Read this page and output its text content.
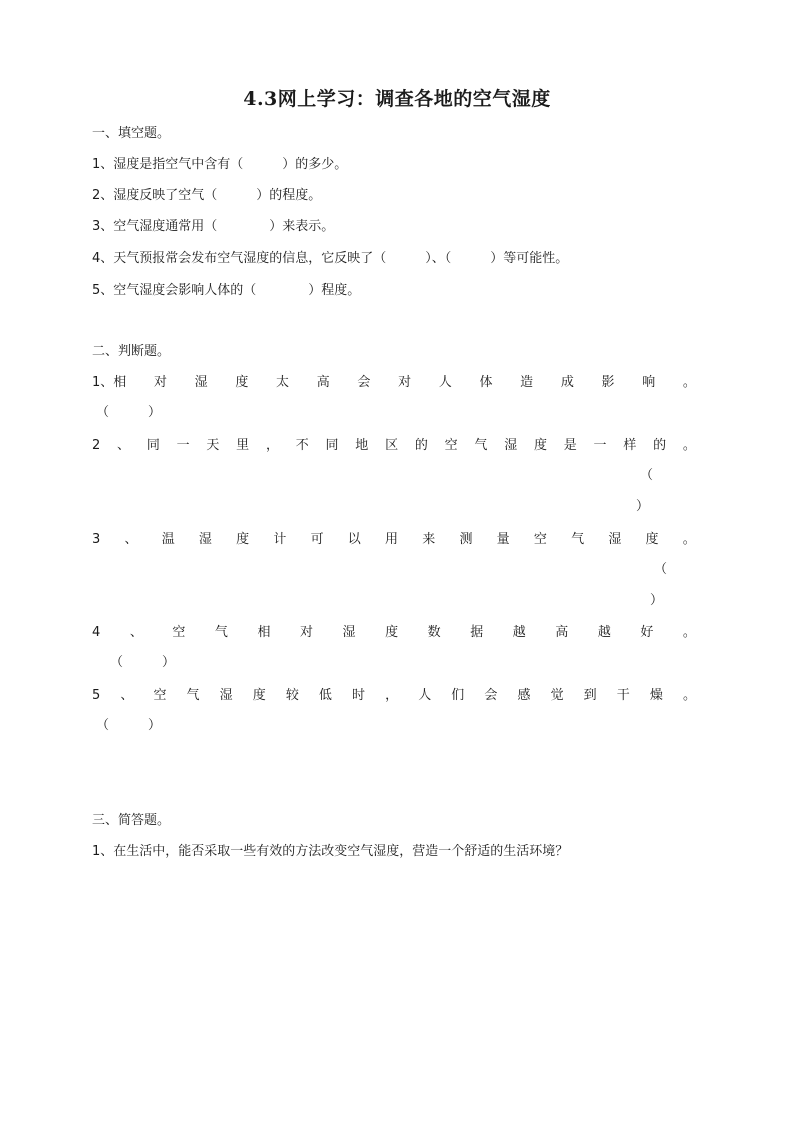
4.3网上学习：调查各地的空气湿度
一、填空题。
1、湿度是指空气中含有（　　　）的多少。
2、湿度反映了空气（　　　）的程度。
3、空气湿度通常用（　　　　）来表示。
4、天气预报常会发布空气湿度的信息，它反映了（　　　）、（　　　）等可能性。
5、空气湿度会影响人体的（　　　　）程度。
二、判断题。
1、相 对 湿 度 太 高 会 对 人 体 造 成 影 响 。
（　　　）
2 、 同 一 天 里 ， 不 同 地 区 的 空 气 湿 度 是 一 样 的 。
（
）
3 、 温 湿 度 计 可 以 用 来 测 量 空 气 湿 度 。
（
）
4 、 空 气 相 对 湿 度 数 据 越 高 越 好 。
（　　　）
5 、 空 气 湿 度 较 低 时 ， 人 们 会 感 觉 到 干 燥 。
（　　　）
三、简答题。
1、在生活中，能否采取一些有效的方法改变空气湿度，营造一个舒适的生活环境？
